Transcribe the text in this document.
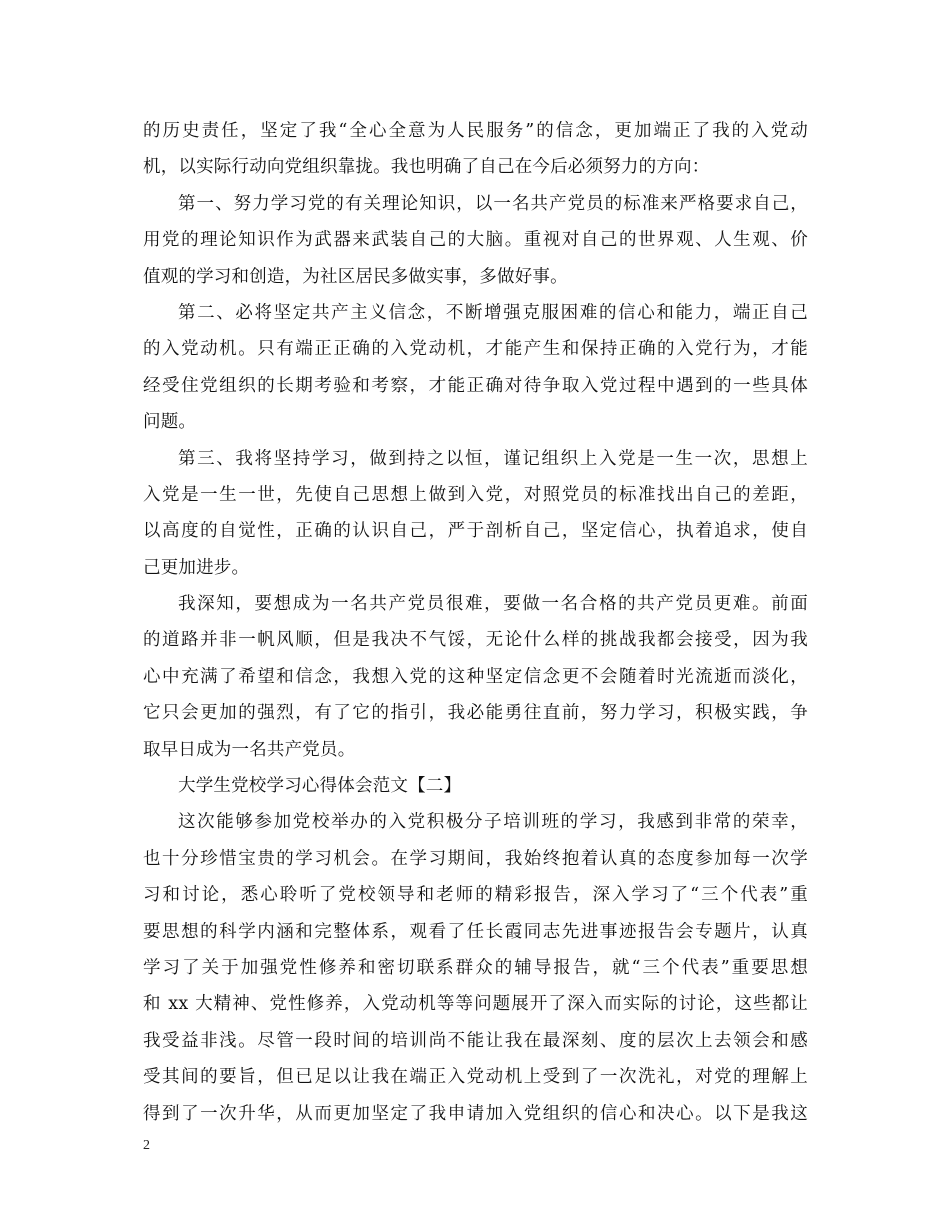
的历史责任，坚定了我“全心全意为人民服务”的信念，更加端正了我的入党动
机，以实际行动向党组织靠拢。我也明确了自己在今后必须努力的方向：
第一、努力学习党的有关理论知识，以一名共产党员的标准来严格要求自己，
用党的理论知识作为武器来武装自己的大脑。重视对自己的世界观、人生观、价
值观的学习和创造，为社区居民多做实事，多做好事。
第二、必将坚定共产主义信念，不断增强克服困难的信心和能力，端正自己
的入党动机。只有端正正确的入党动机，才能产生和保持正确的入党行为，才能
经受住党组织的长期考验和考察，才能正确对待争取入党过程中遇到的一些具体
问题。
第三、我将坚持学习，做到持之以恒，谨记组织上入党是一生一次，思想上
入党是一生一世，先使自己思想上做到入党，对照党员的标准找出自己的差距，
以高度的自觉性，正确的认识自己，严于剖析自己，坚定信心，执着追求，使自
己更加进步。
我深知，要想成为一名共产党员很难，要做一名合格的共产党员更难。前面
的道路并非一帆风顺，但是我决不气馁，无论什么样的挑战我都会接受，因为我
心中充满了希望和信念，我想入党的这种坚定信念更不会随着时光流逝而淡化，
它只会更加的强烈，有了它的指引，我必能勇往直前，努力学习，积极实践，争
取早日成为一名共产党员。
大学生党校学习心得体会范文【二】
这次能够参加党校举办的入党积极分子培训班的学习，我感到非常的荣幸，
也十分珍惜宝贵的学习机会。在学习期间，我始终抱着认真的态度参加每一次学
习和讨论，悉心聆听了党校领导和老师的精彩报告，深入学习了“三个代表”重
要思想的科学内涵和完整体系，观看了任长霞同志先进事迹报告会专题片，认真
学习了关于加强党性修养和密切联系群众的辅导报告，就“三个代表”重要思想
和 xx 大精神、党性修养，入党动机等等问题展开了深入而实际的讨论，这些都让
我受益非浅。尽管一段时间的培训尚不能让我在最深刻、度的层次上去领会和感
受其间的要旨，但已足以让我在端正入党动机上受到了一次洗礼，对党的理解上
得到了一次升华，从而更加坚定了我申请加入党组织的信心和决心。以下是我这
2
